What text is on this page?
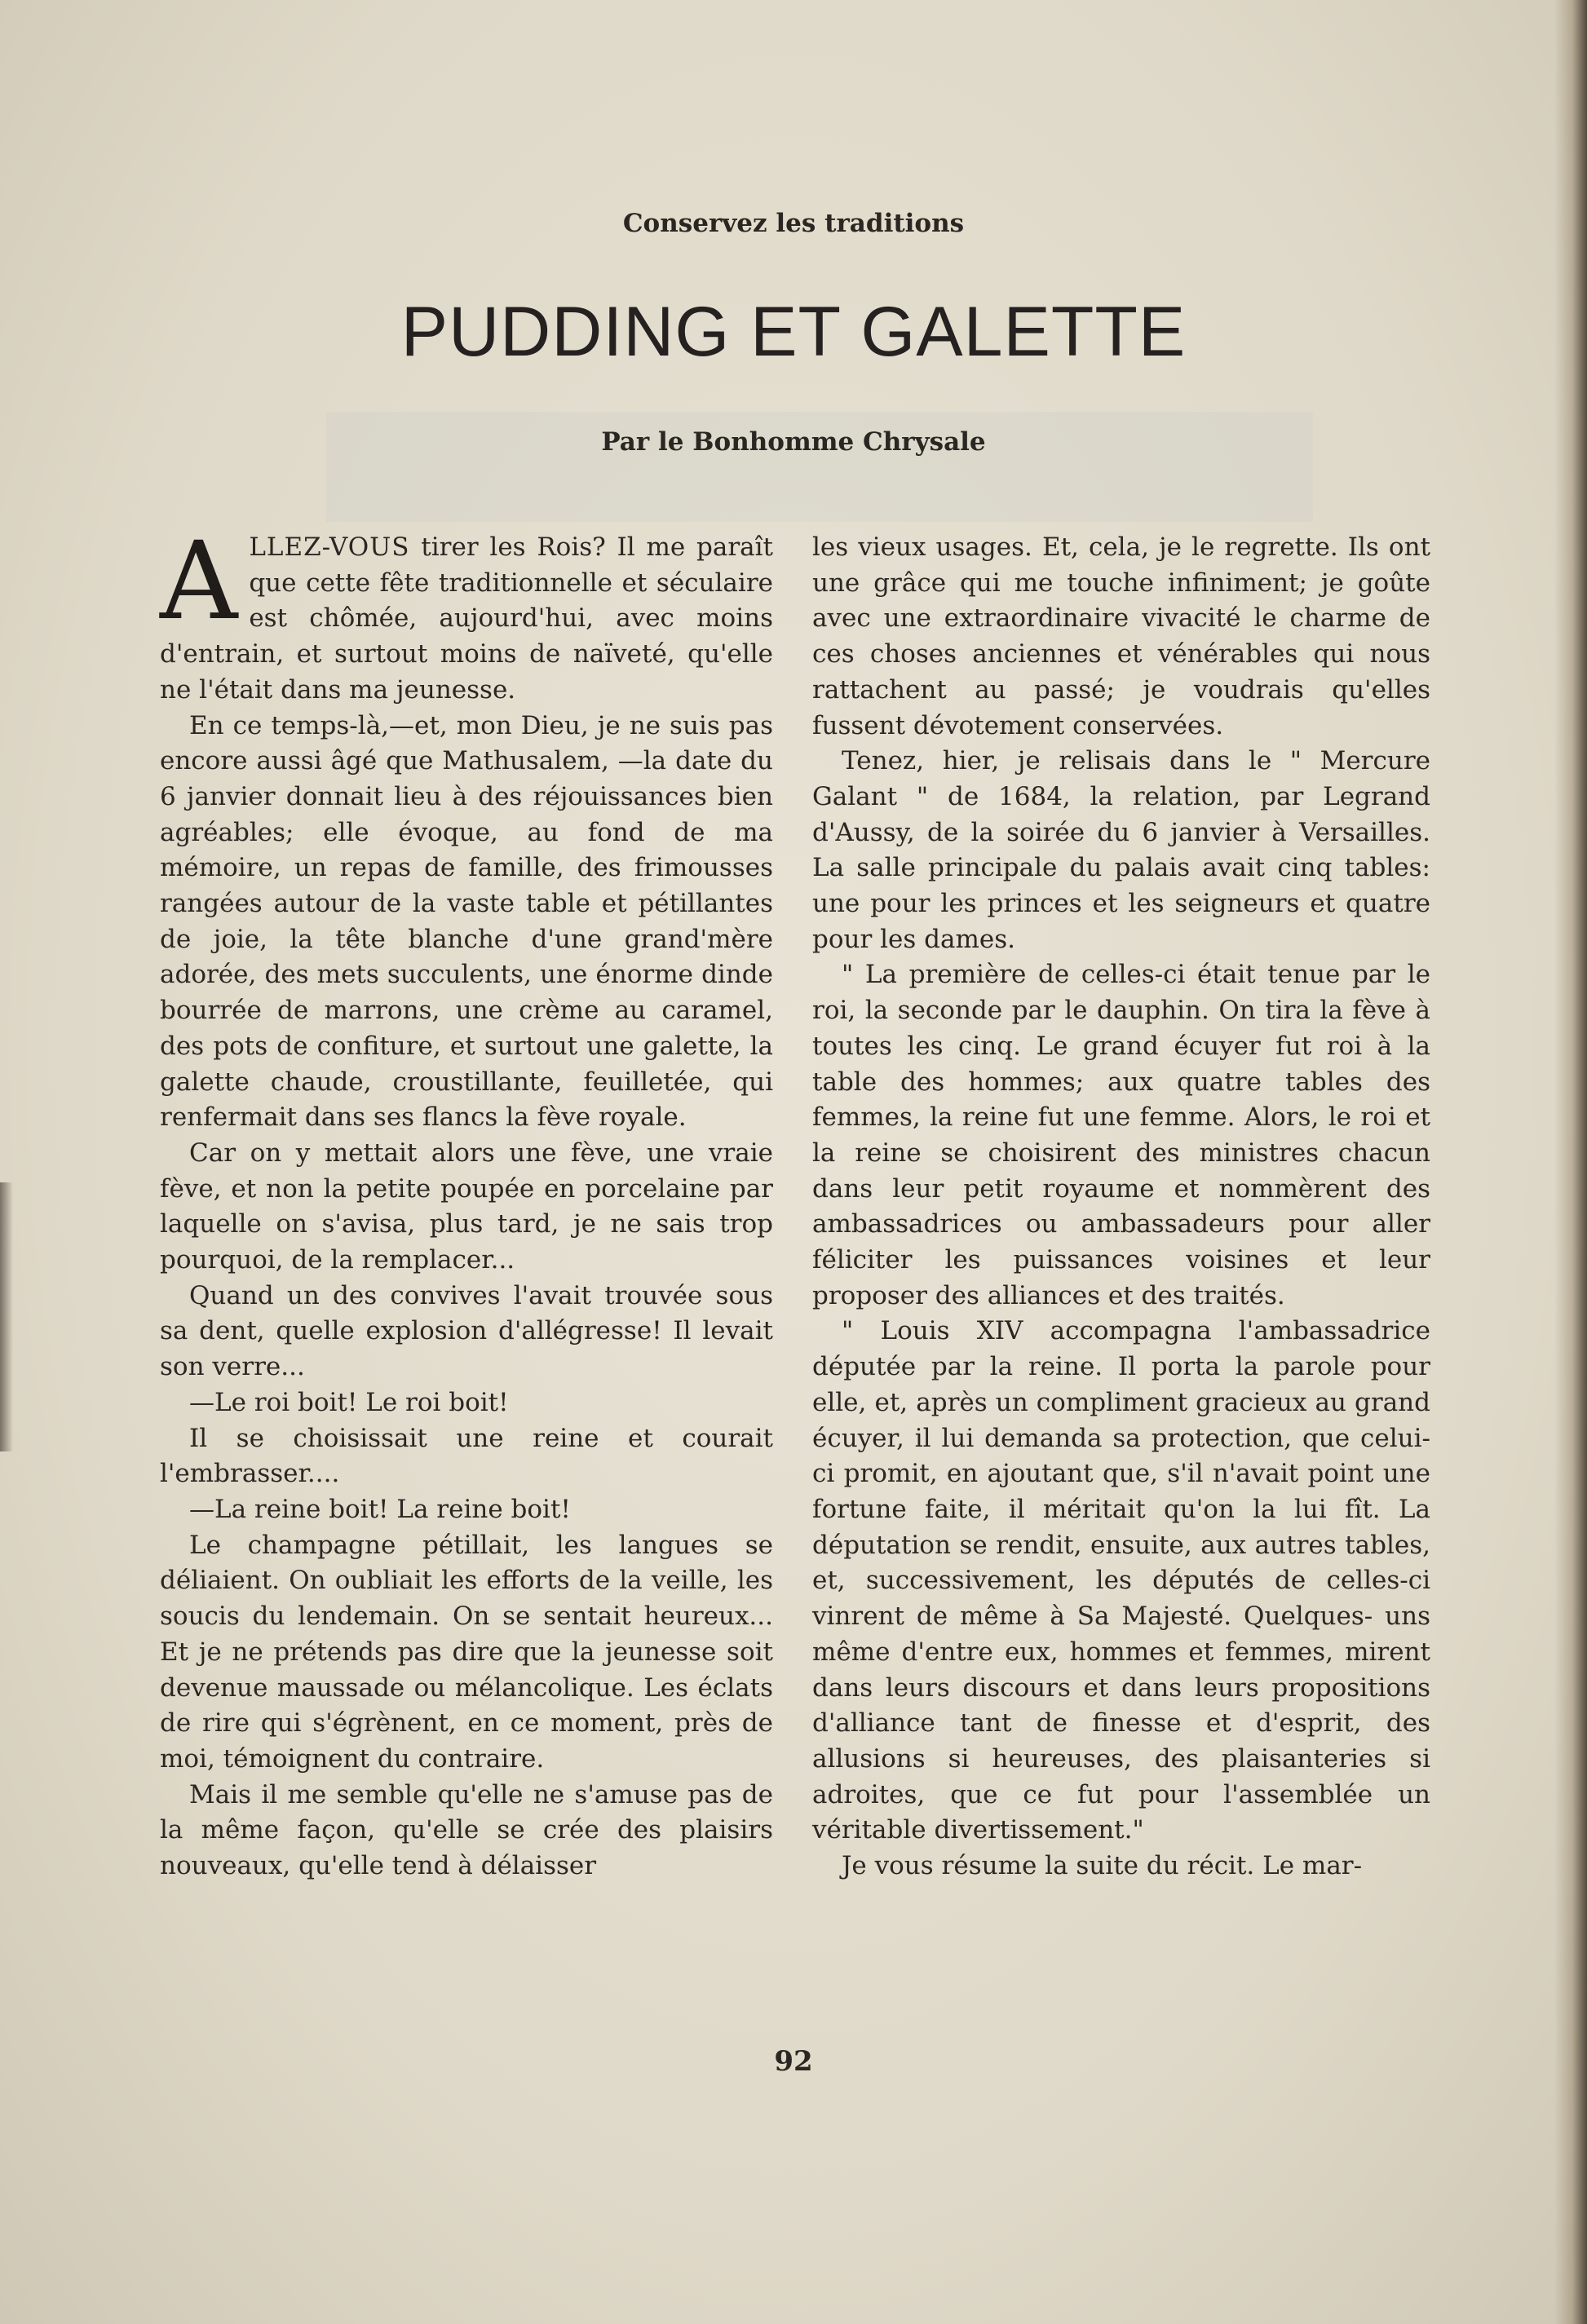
Conservez les traditions
PUDDING ET GALETTE
Par le Bonhomme Chrysale

ALLEZ-VOUS tirer les Rois? Il me paraît que cette fête traditionnelle et séculaire est chômée, aujourd'hui, avec moins d'entrain, et surtout moins de naïveté, qu'elle ne l'était dans ma jeunesse.

En ce temps-là,—et, mon Dieu, je ne suis pas encore aussi âgé que Mathusalem, —la date du 6 janvier donnait lieu à des réjouissances bien agréables; elle évoque, au fond de ma mémoire, un repas de famille, des frimousses rangées autour de la vaste table et pétillantes de joie, la tête blanche d'une grand'mère adorée, des mets succulents, une énorme dinde bourrée de marrons, une crème au caramel, des pots de confiture, et surtout une galette, la galette chaude, croustillante, feuilletée, qui renfermait dans ses flancs la fève royale.

Car on y mettait alors une fève, une vraie fève, et non la petite poupée en porcelaine par laquelle on s'avisa, plus tard, je ne sais trop pourquoi, de la remplacer...

Quand un des convives l'avait trouvée sous sa dent, quelle explosion d'allégresse! Il levait son verre...

—Le roi boit! Le roi boit!

Il se choisissait une reine et courait l'embrasser....

—La reine boit! La reine boit!

Le champagne pétillait, les langues se déliaient. On oubliait les efforts de la veille, les soucis du lendemain. On se sentait heureux... Et je ne prétends pas dire que la jeunesse soit devenue maussade ou mélancolique. Les éclats de rire qui s'égrènent, en ce moment, près de moi, témoignent du contraire.

Mais il me semble qu'elle ne s'amuse pas de la même façon, qu'elle se crée des plaisirs nouveaux, qu'elle tend à délaisser

les vieux usages. Et, cela, je le regrette. Ils ont une grâce qui me touche infiniment; je goûte avec une extraordinaire vivacité le charme de ces choses anciennes et vénérables qui nous rattachent au passé; je voudrais qu'elles fussent dévotement conservées.

Tenez, hier, je relisais dans le " Mercure Galant " de 1684, la relation, par Legrand d'Aussy, de la soirée du 6 janvier à Versailles. La salle principale du palais avait cinq tables: une pour les princes et les seigneurs et quatre pour les dames.

" La première de celles-ci était tenue par le roi, la seconde par le dauphin. On tira la fève à toutes les cinq. Le grand écuyer fut roi à la table des hommes; aux quatre tables des femmes, la reine fut une femme. Alors, le roi et la reine se choisirent des ministres chacun dans leur petit royaume et nommèrent des ambassadrices ou ambassadeurs pour aller féliciter les puissances voisines et leur proposer des alliances et des traités.

" Louis XIV accompagna l'ambassadrice députée par la reine. Il porta la parole pour elle, et, après un compliment gracieux au grand écuyer, il lui demanda sa protection, que celui-ci promit, en ajoutant que, s'il n'avait point une fortune faite, il méritait qu'on la lui fît. La députation se rendit, ensuite, aux autres tables, et, successivement, les députés de celles-ci vinrent de même à Sa Majesté. Quelques- uns même d'entre eux, hommes et femmes, mirent dans leurs discours et dans leurs propositions d'alliance tant de finesse et d'esprit, des allusions si heureuses, des plaisanteries si adroites, que ce fut pour l'assemblée un véritable divertissement."

Je vous résume la suite du récit. Le mar-

92
